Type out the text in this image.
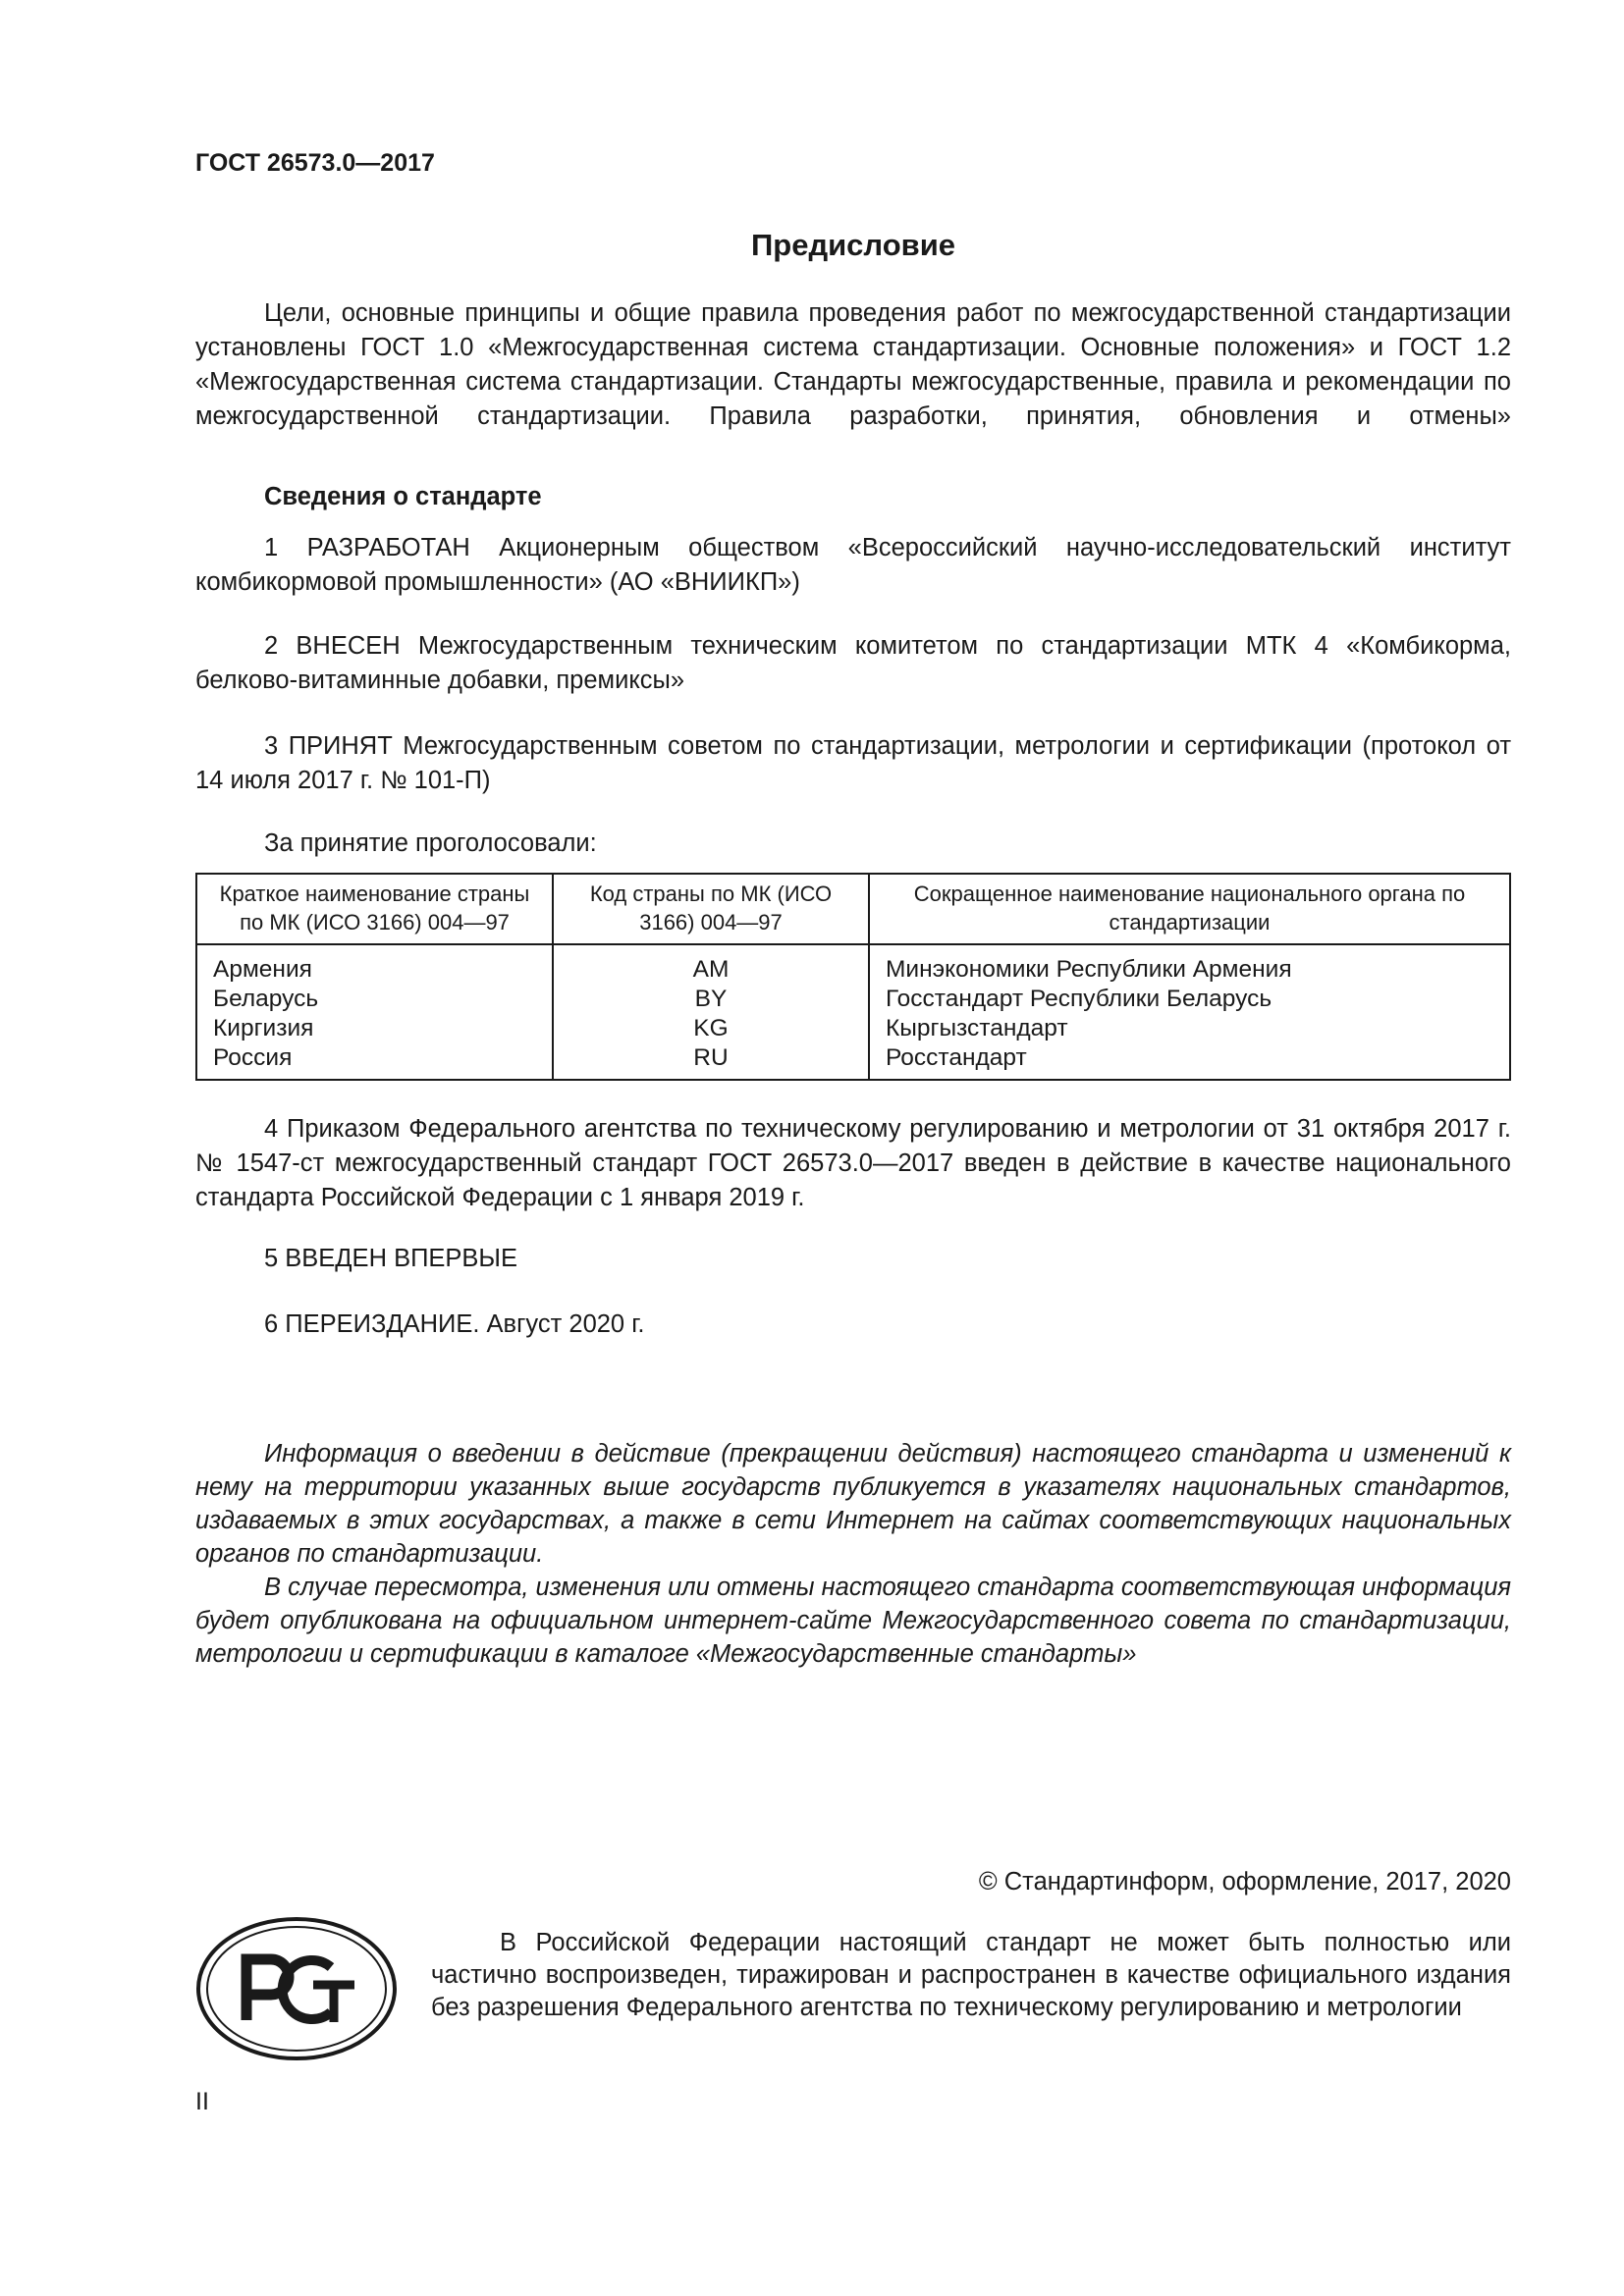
ГОСТ 26573.0—2017
Предисловие

Цели, основные принципы и общие правила проведения работ по межгосударственной стандартизации установлены ГОСТ 1.0 «Межгосударственная система стандартизации. Основные положения» и ГОСТ 1.2 «Межгосударственная система стандартизации. Стандарты межгосударственные, правила и рекомендации по межгосударственной стандартизации. Правила разработки, принятия, обновления и отмены»

Сведения о стандарте

1 РАЗРАБОТАН Акционерным обществом «Всероссийский научно-исследовательский институт комбикормовой промышленности» (АО «ВНИИКП»)

2 ВНЕСЕН Межгосударственным техническим комитетом по стандартизации МТК 4 «Комбикорма, белково-витаминные добавки, премиксы»

3 ПРИНЯТ Межгосударственным советом по стандартизации, метрологии и сертификации (протокол от 14 июля 2017 г. № 101-П)

За принятие проголосовали:
Краткое наименование страны по МК (ИСО 3166) 004—97	Код страны по МК (ИСО 3166) 004—97	Сокращенное наименование национального органа по стандартизации
Армения	AM	Минэкономики Республики Армения
Беларусь	BY	Госстандарт Республики Беларусь
Киргизия	KG	Кыргызстандарт
Россия	RU	Росстандарт

4 Приказом Федерального агентства по техническому регулированию и метрологии от 31 октября 2017 г. № 1547-ст межгосударственный стандарт ГОСТ 26573.0—2017 введен в действие в качестве национального стандарта Российской Федерации с 1 января 2019 г.

5 ВВЕДЕН ВПЕРВЫЕ

6 ПЕРЕИЗДАНИЕ. Август 2020 г.

Информация о введении в действие (прекращении действия) настоящего стандарта и изменений к нему на территории указанных выше государств публикуется в указателях национальных стандартов, издаваемых в этих государствах, а также в сети Интернет на сайтах соответствующих национальных органов по стандартизации.

В случае пересмотра, изменения или отмены настоящего стандарта соответствующая информация будет опубликована на официальном интернет-сайте Межгосударственного совета по стандартизации, метрологии и сертификации в каталоге «Межгосударственные стандарты»

© Стандартинформ, оформление, 2017, 2020

В Российской Федерации настоящий стандарт не может быть полностью или частично воспроизведен, тиражирован и распространен в качестве официального издания без разрешения Федерального агентства по техническому регулированию и метрологии

II
